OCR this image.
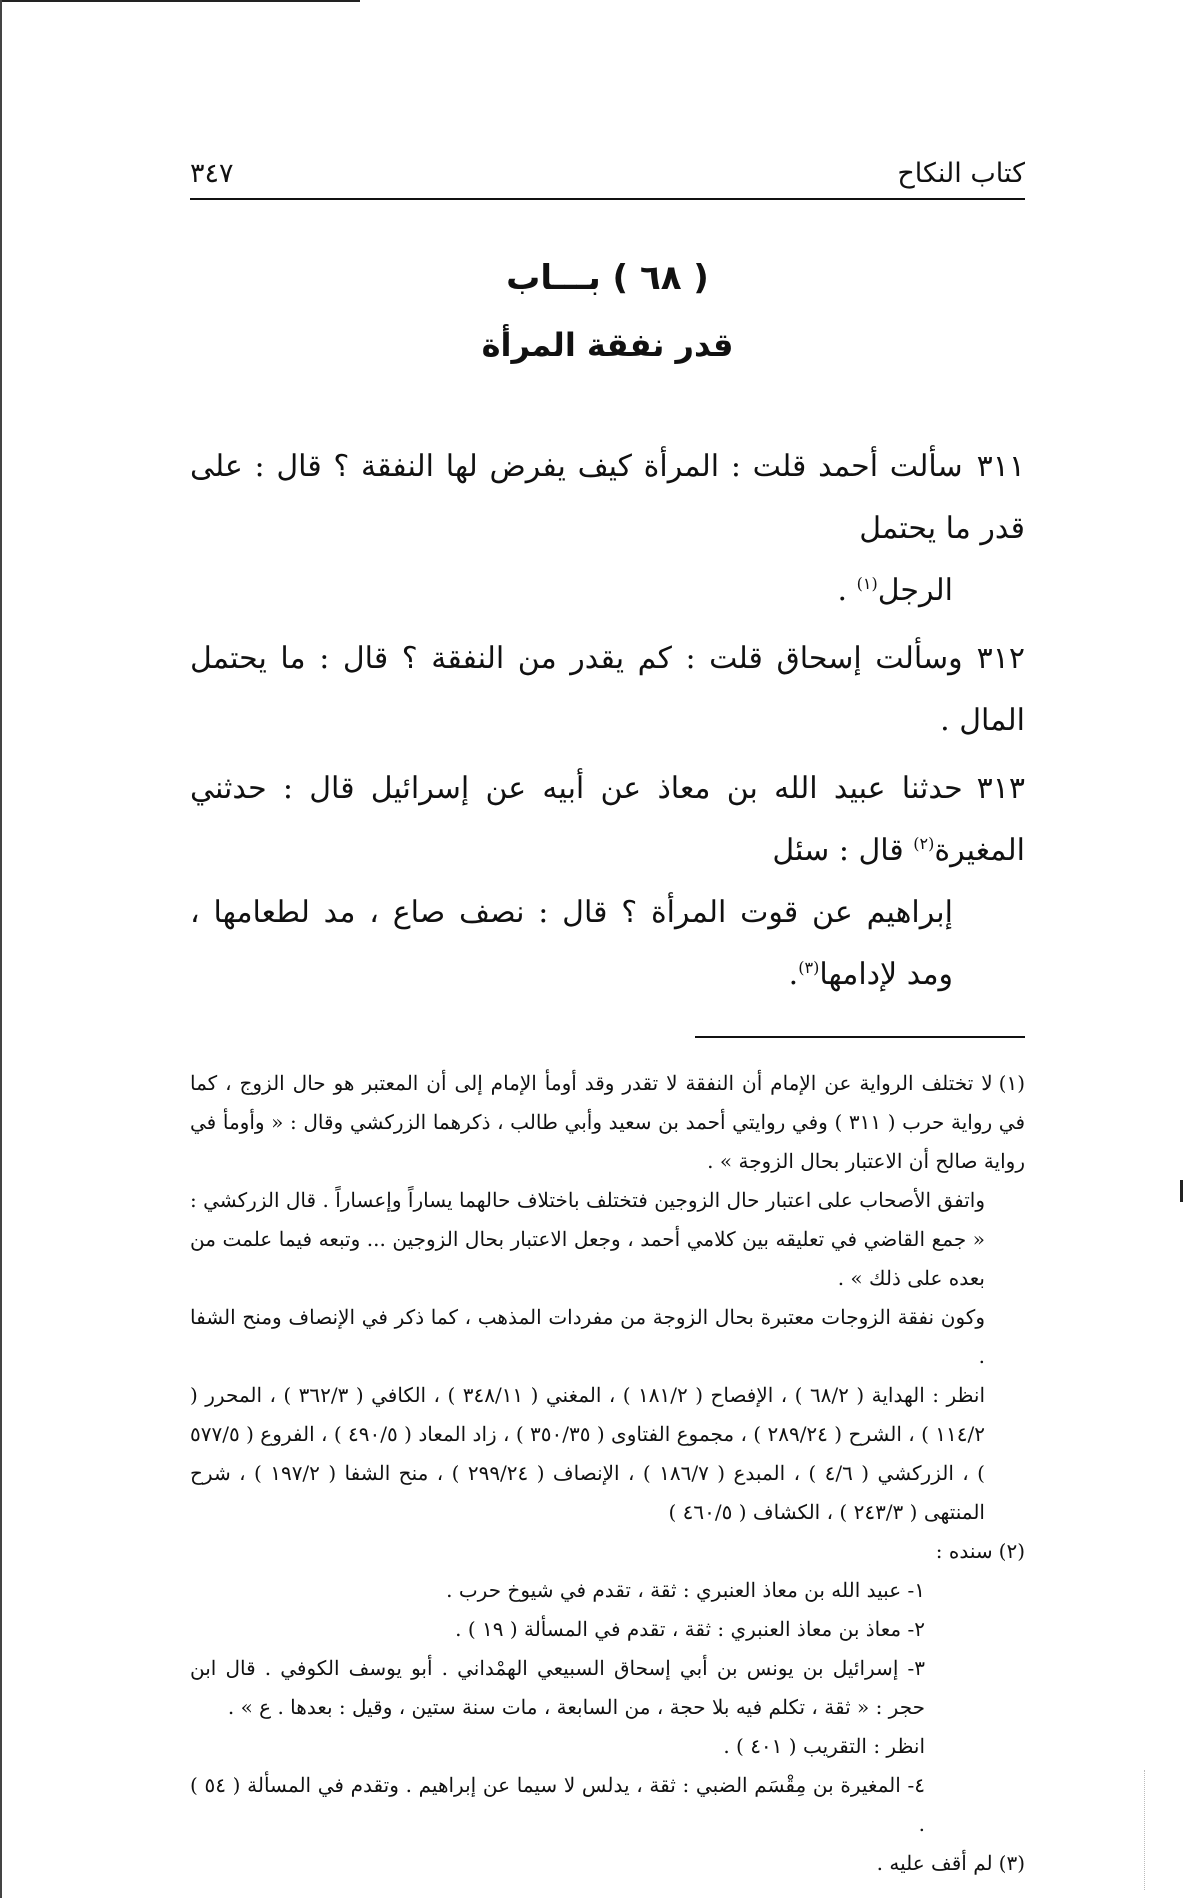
كتاب النكاح
٣٤٧
( ٦٨ ) بـــاب
قدر نفقة المرأة
٣١١سألت أحمد قلت : المرأة كيف يفرض لها النفقة ؟ قال : على قدر ما يحتمل
الرجل$^{(١)}$ .
٣١٢وسألت إسحاق قلت : كم يقدر من النفقة ؟ قال : ما يحتمل المال .
٣١٣حدثنا عبيد الله بن معاذ عن أبيه عن إسرائيل قال : حدثني المغيرة$^{(٢)}$ قال : سئل
إبراهيم عن قوت المرأة ؟ قال : نصف صاع ، مد لطعامها ، ومد لإدامها$^{(٣)}$.
(١)لا تختلف الرواية عن الإمام أن النفقة لا تقدر وقد أومأ الإمام إلى أن المعتبر هو حال الزوج ، كما في رواية حرب ( ٣١١ ) وفي روايتي أحمد بن سعيد وأبي طالب ، ذكرهما الزركشي وقال : « وأومأ في رواية صالح أن الاعتبار بحال الزوجة » .
واتفق الأصحاب على اعتبار حال الزوجين فتختلف باختلاف حالهما يساراً وإعساراً . قال الزركشي : « جمع القاضي في تعليقه بين كلامي أحمد ، وجعل الاعتبار بحال الزوجين ... وتبعه فيما علمت من بعده على ذلك » .
وكون نفقة الزوجات معتبرة بحال الزوجة من مفردات المذهب ، كما ذكر في الإنصاف ومنح الشفا .
انظر : الهداية ( ٦٨/٢ ) ، الإفصاح ( ١٨١/٢ ) ، المغني ( ٣٤٨/١١ ) ، الكافي ( ٣٦٢/٣ ) ، المحرر ( ١١٤/٢ ) ، الشرح ( ٢٨٩/٢٤ ) ، مجموع الفتاوى ( ٣٥٠/٣٥ ) ، زاد المعاد ( ٤٩٠/٥ ) ، الفروع ( ٥٧٧/٥ ) ، الزركشي ( ٤/٦ ) ، المبدع ( ١٨٦/٧ ) ، الإنصاف ( ٢٩٩/٢٤ ) ، منح الشفا ( ١٩٧/٢ ) ، شرح المنتهى ( ٢٤٣/٣ ) ، الكشاف ( ٤٦٠/٥ )
(٢)سنده :
١- عبيد الله بن معاذ العنبري : ثقة ، تقدم في شيوخ حرب .
٢- معاذ بن معاذ العنبري : ثقة ، تقدم في المسألة ( ١٩ ) .
٣- إسرائيل بن يونس بن أبي إسحاق السبيعي الهمْداني . أبو يوسف الكوفي . قال ابن حجر : « ثقة ، تكلم فيه بلا حجة ، من السابعة ، مات سنة ستين ، وقيل : بعدها . ع » .
انظر : التقريب ( ٤٠١ ) .
٤- المغيرة بن مِقْسَم الضبي : ثقة ، يدلس لا سيما عن إبراهيم . وتقدم في المسألة ( ٥٤ ) .
(٣)لم أقف عليه .
